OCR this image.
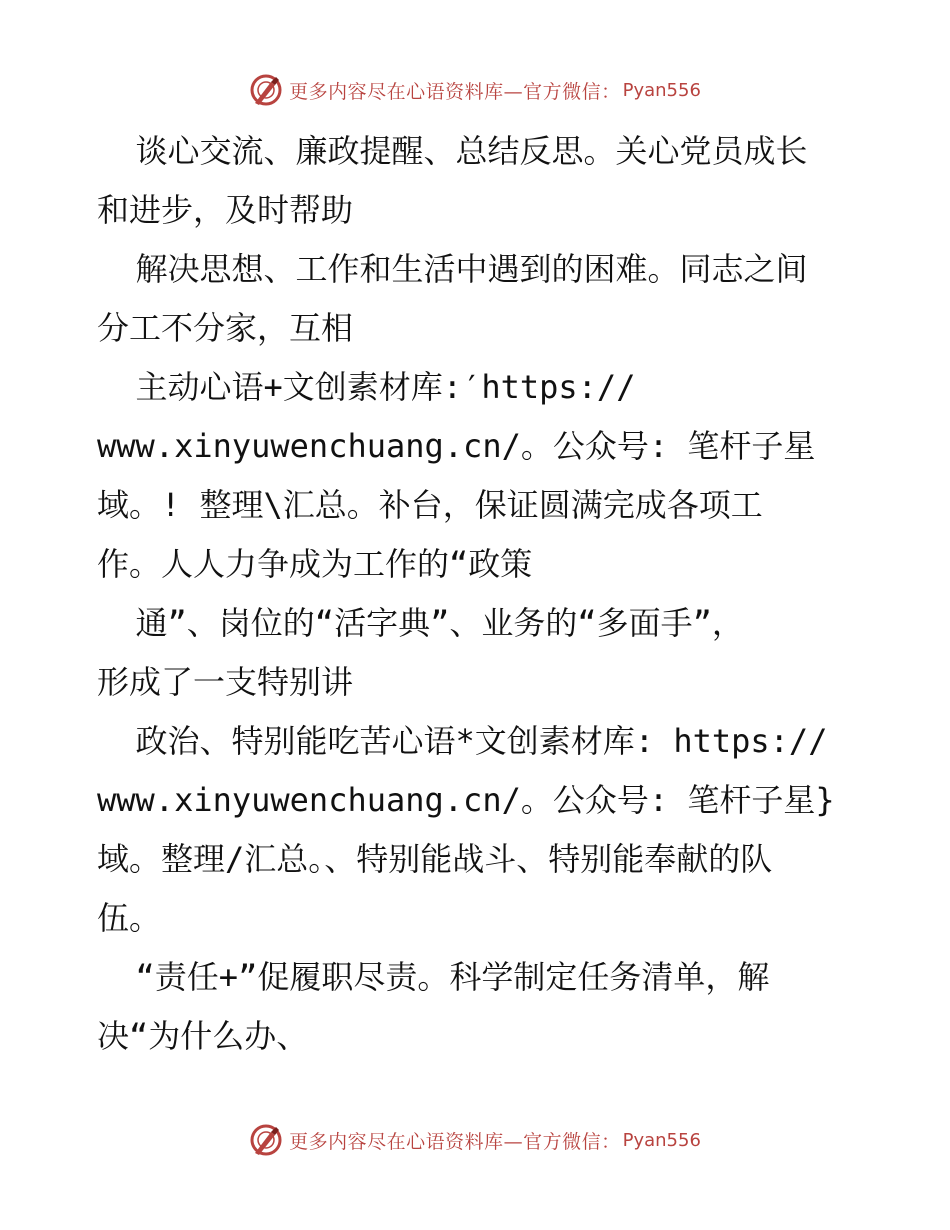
更多内容尽在心语资料库—官方微信： Pyan556
谈心交流、廉政提醒、总结反思。关心党员成长
和进步，及时帮助
解决思想、工作和生活中遇到的困难。同志之间
分工不分家，互相
主动心语+文创素材库:′https://
www.xinyuwenchuang.cn/。公众号: 笔杆子星
域。! 整理\汇总。补台，保证圆满完成各项工
作。人人力争成为工作的“政策
通”、岗位的“活字典”、业务的“多面手”，
形成了一支特别讲
政治、特别能吃苦心语*文创素材库: https://
www.xinyuwenchuang.cn/。公众号: 笔杆子星}
域。整理/汇总。、特别能战斗、特别能奉献的队
伍。
“责任+”促履职尽责。科学制定任务清单，解
决“为什么办、
更多内容尽在心语资料库—官方微信： Pyan556
